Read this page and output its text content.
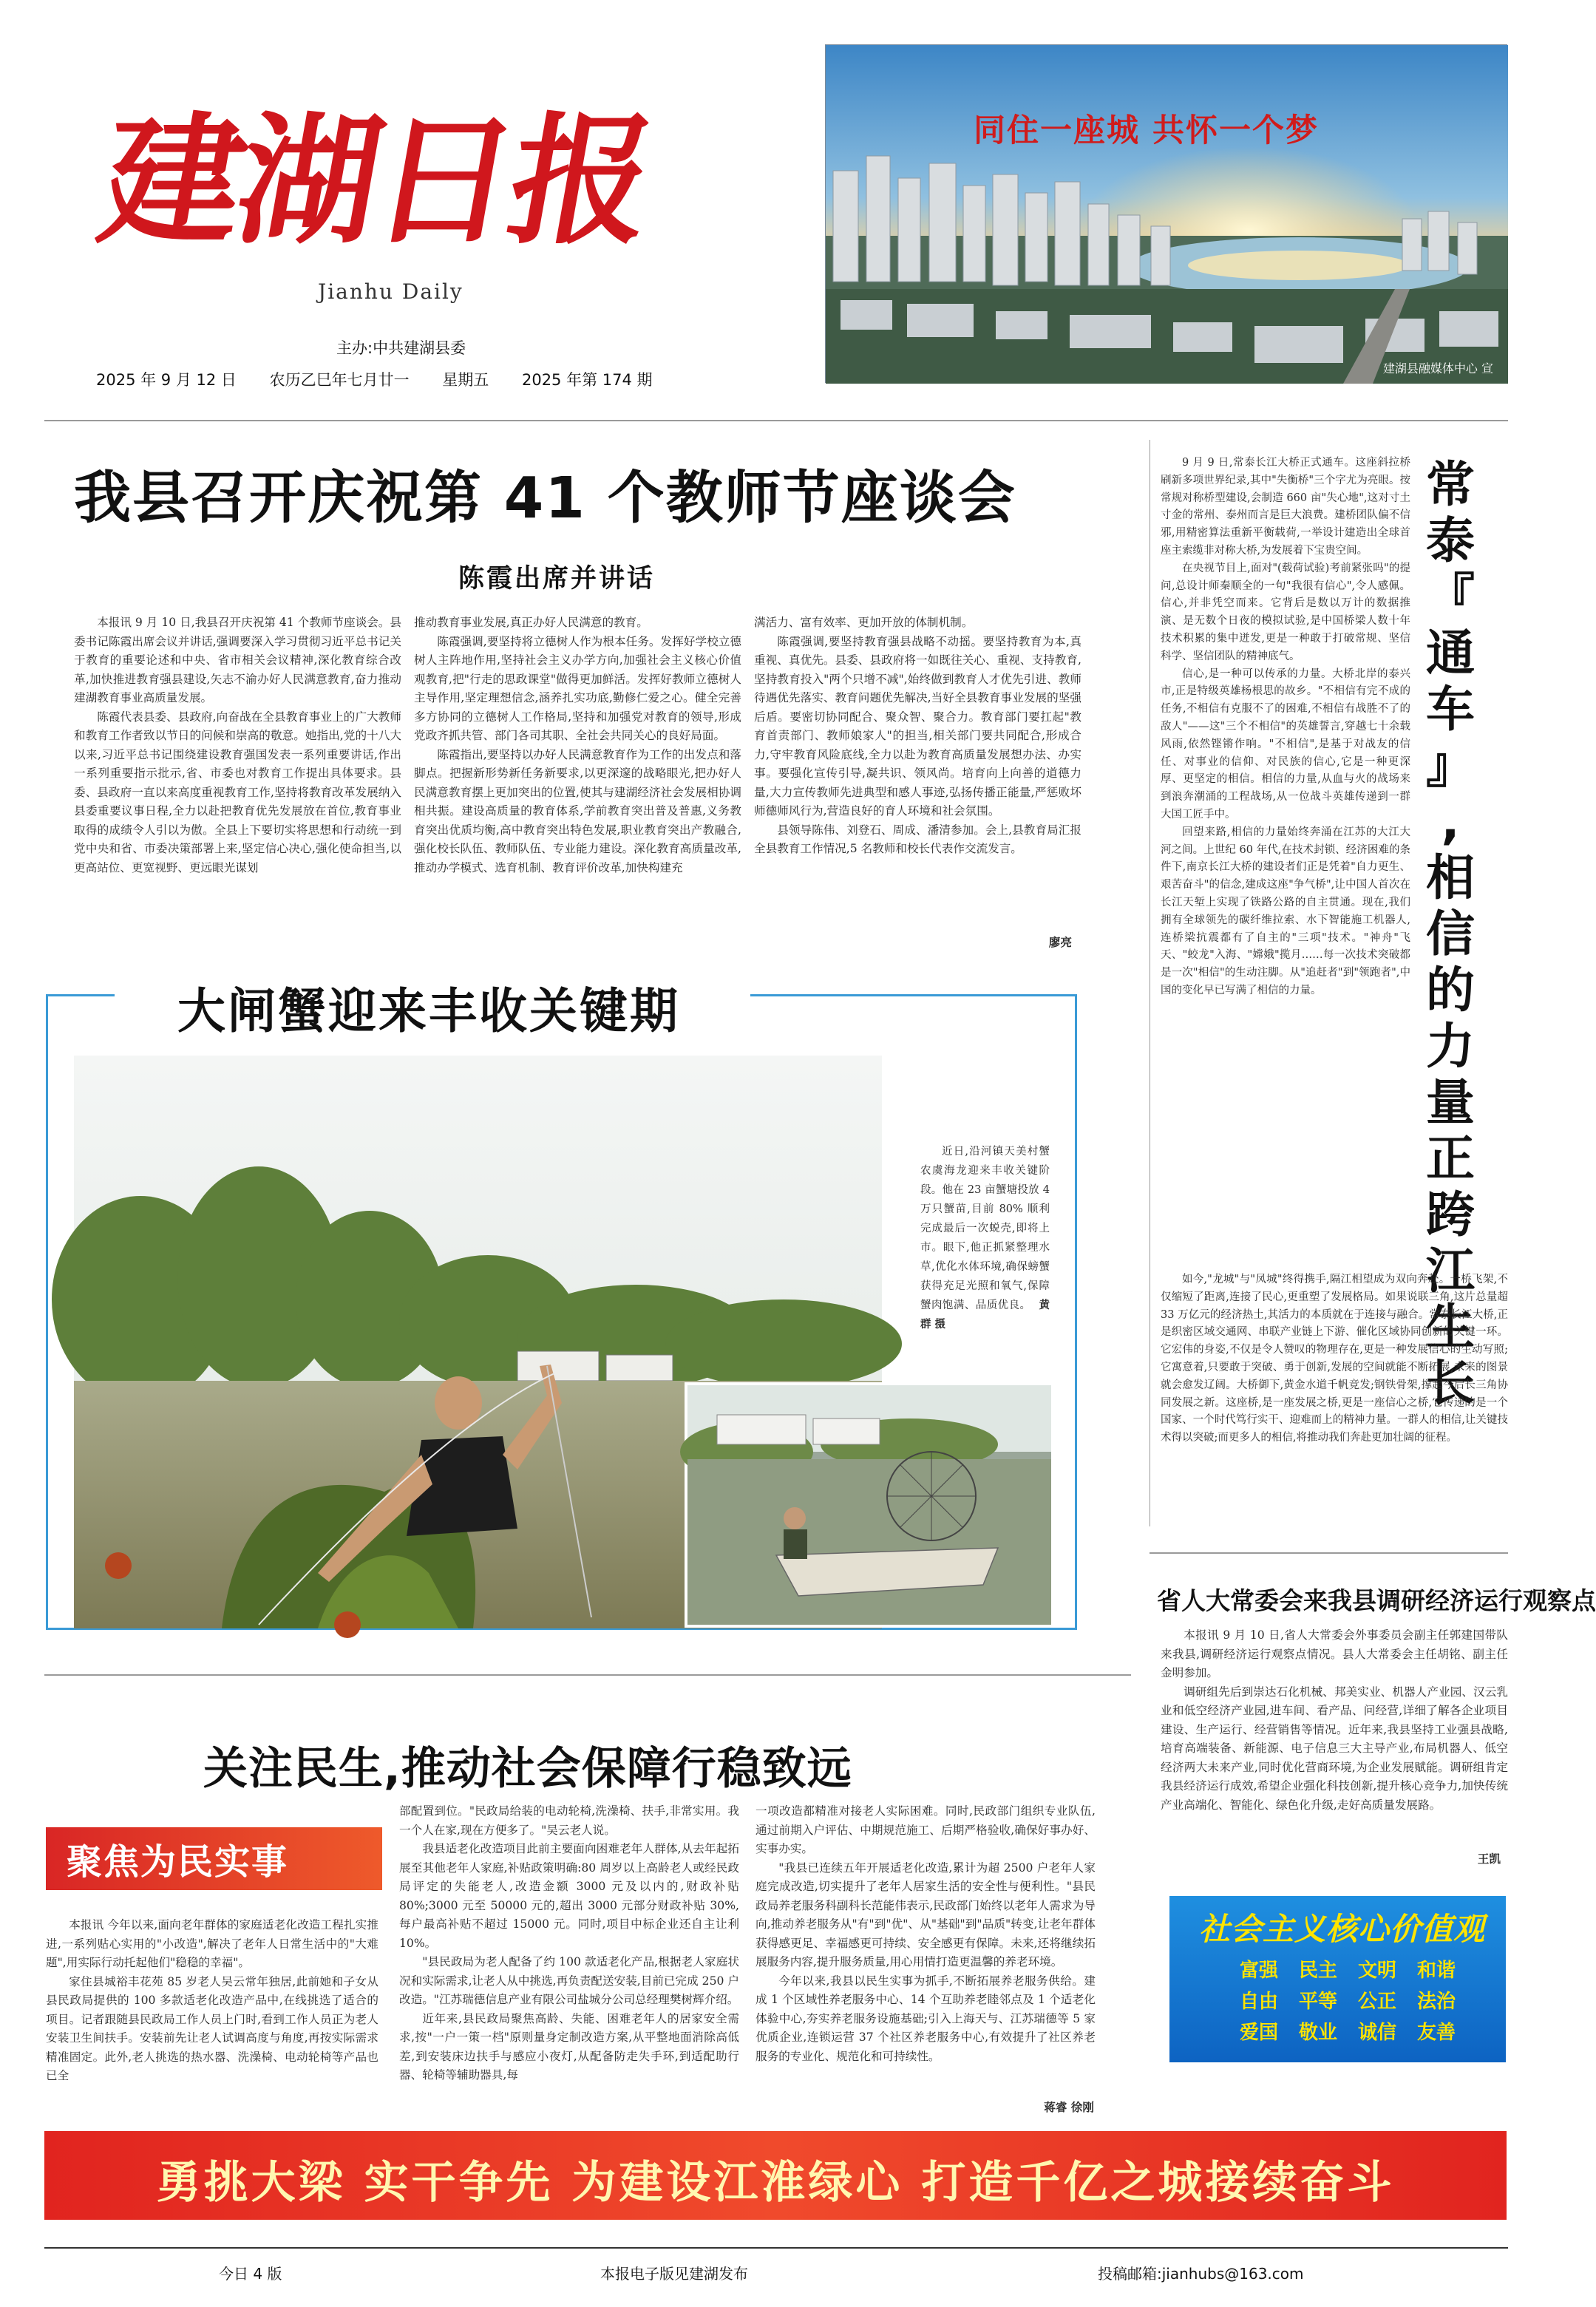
建湖日报
Jianhu Daily
主办:中共建湖县委
2025 年 9 月 12 日 农历乙巳年七月廿一 星期五 2025 年第 174 期
同住一座城 共怀一个梦
建湖县融媒体中心 宣
我县召开庆祝第 41 个教师节座谈会
陈霞出席并讲话

本报讯 9 月 10 日,我县召开庆祝第 41 个教师节座谈会。县委书记陈霞出席会议并讲话,强调要深入学习贯彻习近平总书记关于教育的重要论述和中央、省市相关会议精神,深化教育综合改革,加快推进教育强县建设,矢志不渝办好人民满意教育,奋力推动建湖教育事业高质量发展。

陈霞代表县委、县政府,向奋战在全县教育事业上的广大教师和教育工作者致以节日的问候和崇高的敬意。她指出,党的十八大以来,习近平总书记围绕建设教育强国发表一系列重要讲话,作出一系列重要指示批示,省、市委也对教育工作提出具体要求。县委、县政府一直以来高度重视教育工作,坚持将教育改革发展纳入县委重要议事日程,全力以赴把教育优先发展放在首位,教育事业取得的成绩令人引以为傲。全县上下要切实将思想和行动统一到党中央和省、市委决策部署上来,坚定信心决心,强化使命担当,以更高站位、更宽视野、更远眼光谋划

推动教育事业发展,真正办好人民满意的教育。

陈霞强调,要坚持将立德树人作为根本任务。发挥好学校立德树人主阵地作用,坚持社会主义办学方向,加强社会主义核心价值观教育,把"行走的思政课堂"做得更加鲜活。发挥好教师立德树人主导作用,坚定理想信念,涵养扎实功底,勤修仁爱之心。健全完善多方协同的立德树人工作格局,坚持和加强党对教育的领导,形成党政齐抓共管、部门各司其职、全社会共同关心的良好局面。

陈霞指出,要坚持以办好人民满意教育作为工作的出发点和落脚点。把握新形势新任务新要求,以更深邃的战略眼光,把办好人民满意教育摆上更加突出的位置,使其与建湖经济社会发展相协调相共振。建设高质量的教育体系,学前教育突出普及普惠,义务教育突出优质均衡,高中教育突出特色发展,职业教育突出产教融合,强化校长队伍、教师队伍、专业能力建设。深化教育高质量改革,推动办学模式、选育机制、教育评价改革,加快构建充

满活力、富有效率、更加开放的体制机制。

陈霞强调,要坚持教育强县战略不动摇。要坚持教育为本,真重视、真优先。县委、县政府将一如既往关心、重视、支持教育,坚持教育投入"两个只增不减",始终做到教育人才优先引进、教师待遇优先落实、教育问题优先解决,当好全县教育事业发展的坚强后盾。要密切协同配合、聚众智、聚合力。教育部门要扛起"教育首责部门、教师娘家人"的担当,相关部门要共同配合,形成合力,守牢教育风险底线,全力以赴为教育高质量发展想办法、办实事。要强化宣传引导,凝共识、领风尚。培育向上向善的道德力量,大力宣传教师先进典型和感人事迹,弘扬传播正能量,严惩败坏师德师风行为,营造良好的育人环境和社会氛围。

县领导陈伟、刘登石、周成、潘清参加。会上,县教育局汇报全县教育工作情况,5 名教师和校长代表作交流发言。

廖亮
大闸蟹迎来丰收关键期
近日,沿河镇天美村蟹农虞海龙迎来丰收关键阶段。他在 23 亩蟹塘投放 4 万只蟹苗,目前 80% 顺利完成最后一次蜕壳,即将上市。眼下,他正抓紧整理水草,优化水体环境,确保螃蟹获得充足光照和氧气,保障蟹肉饱满、品质优良。 黄群 摄
关注民生,推动社会保障行稳致远
聚焦为民实事

本报讯 今年以来,面向老年群体的家庭适老化改造工程扎实推进,一系列贴心实用的"小改造",解决了老年人日常生活中的"大难题",用实际行动托起他们"稳稳的幸福"。

家住县城裕丰花苑 85 岁老人吴云常年独居,此前她和子女从县民政局提供的 100 多款适老化改造产品中,在线挑选了适合的项目。记者跟随县民政局工作人员上门时,看到工作人员正为老人安装卫生间扶手。安装前先让老人试调高度与角度,再按实际需求精准固定。此外,老人挑选的热水器、洗澡椅、电动轮椅等产品也已全

部配置到位。"民政局给装的电动轮椅,洗澡椅、扶手,非常实用。我一个人在家,现在方便多了。"吴云老人说。

我县适老化改造项目此前主要面向困难老年人群体,从去年起拓展至其他老年人家庭,补贴政策明确:80 周岁以上高龄老人或经民政局评定的失能老人,改造金额 3000 元及以内的,财政补贴 80%;3000 元至 50000 元的,超出 3000 元部分财政补贴 30%,每户最高补贴不超过 15000 元。同时,项目中标企业还自主让利 10%。

"县民政局为老人配备了约 100 款适老化产品,根据老人家庭状况和实际需求,让老人从中挑选,再负责配送安装,目前已完成 250 户改造。"江苏瑞德信息产业有限公司盐城分公司总经理樊树辉介绍。

近年来,县民政局聚焦高龄、失能、困难老年人的居家安全需求,按"一户一策一档"原则量身定制改造方案,从平整地面消除高低差,到安装床边扶手与感应小夜灯,从配备防走失手环,到适配助行器、轮椅等辅助器具,每

一项改造都精准对接老人实际困难。同时,民政部门组织专业队伍,通过前期入户评估、中期规范施工、后期严格验收,确保好事办好、实事办实。

"我县已连续五年开展适老化改造,累计为超 2500 户老年人家庭完成改造,切实提升了老年人居家生活的安全性与便利性。"县民政局养老服务科副科长范能伟表示,民政部门始终以老年人需求为导向,推动养老服务从"有"到"优"、从"基础"到"品质"转变,让老年群体获得感更足、幸福感更可持续、安全感更有保障。未来,还将继续拓展服务内容,提升服务质量,用心用情打造更温馨的养老环境。

今年以来,我县以民生实事为抓手,不断拓展养老服务供给。建成 1 个区域性养老服务中心、14 个互助养老睦邻点及 1 个适老化体验中心,夯实养老服务设施基础;引入上海天与、江苏瑞德等 5 家优质企业,连锁运营 37 个社区养老服务中心,有效提升了社区养老服务的专业化、规范化和可持续性。

蒋睿 徐刚

9 月 9 日,常泰长江大桥正式通车。这座斜拉桥刷新多项世界纪录,其中"失衡桥"三个字尤为亮眼。按常规对称桥型建设,会制造 660 亩"失心地",这对寸土寸金的常州、泰州而言是巨大浪费。建桥团队偏不信邪,用精密算法重新平衡载荷,一举设计建造出全球首座主索缆非对称大桥,为发展着下宝贵空间。

在央视节目上,面对"(载荷试验)考前紧张吗"的提问,总设计师秦顺全的一句"我很有信心",令人感佩。信心,并非凭空而来。它背后是数以万计的数据推演、是无数个日夜的模拟试验,是中国桥梁人数十年技术积累的集中迸发,更是一种敢于打破常规、坚信科学、坚信团队的精神底气。

信心,是一种可以传承的力量。大桥北岸的泰兴市,正是特级英雄杨根思的故乡。"不相信有完不成的任务,不相信有克服不了的困难,不相信有战胜不了的敌人"——这"三个不相信"的英雄誓言,穿越七十余载风雨,依然铿锵作响。"不相信",是基于对战友的信任、对事业的信仰、对民族的信心,它是一种更深厚、更坚定的相信。相信的力量,从血与火的战场来到浪奔潮涌的工程战场,从一位战斗英雄传递到一群大国工匠手中。

回望来路,相信的力量始终奔涌在江苏的大江大河之间。上世纪 60 年代,在技术封锁、经济困难的条件下,南京长江大桥的建设者们正是凭着"自力更生、艰苦奋斗"的信念,建成这座"争气桥",让中国人首次在长江天堑上实现了铁路公路的自主贯通。现在,我们拥有全球领先的碳纤维拉索、水下智能施工机器人,连桥梁抗震都有了自主的"三项"技术。"神舟"飞天、"蛟龙"入海、"嫦娥"揽月……每一次技术突破都是一次"相信"的生动注脚。从"追赶者"到"领跑者",中国的变化早已写满了相信的力量。

常
泰
『
通
车
』
,
相
信
的
力
量
正
跨
江
生
长

如今,"龙城"与"凤城"终得携手,隔江相望成为双向奔赴。一桥飞架,不仅缩短了距离,连接了民心,更重塑了发展格局。如果说联三角,这片总量超 33 万亿元的经济热土,其活力的本质就在于连接与融合。常泰长江大桥,正是织密区域交通网、串联产业链上下游、催化区域协同创新的关键一环。它宏伟的身姿,不仅是令人赞叹的物理存在,更是一种发展信心的生动写照;它寓意着,只要敢于突破、勇于创新,发展的空间就能不断拓展,未来的图景就会愈发辽阔。大桥御下,黄金水道千帆竞发;钢铁骨架,撑起今后长三角协同发展之新。这座桥,是一座发展之桥,更是一座信心之桥,它传递的是一个国家、一个时代笃行实干、迎难而上的精神力量。一群人的相信,让关键技术得以突破;而更多人的相信,将推动我们奔赴更加壮阔的征程。

省人大常委会来我县调研经济运行观察点

本报讯 9 月 10 日,省人大常委会外事委员会副主任郭建国带队来我县,调研经济运行观察点情况。县人大常委会主任胡铭、副主任金明参加。

调研组先后到崇达石化机械、邦美实业、机器人产业园、汉云乳业和低空经济产业园,进车间、看产品、问经营,详细了解各企业项目建设、生产运行、经营销售等情况。近年来,我县坚持工业强县战略,培育高端装备、新能源、电子信息三大主导产业,布局机器人、低空经济两大未来产业,同时优化营商环境,为企业发展赋能。调研组肯定我县经济运行成效,希望企业强化科技创新,提升核心竞争力,加快传统产业高端化、智能化、绿色化升级,走好高质量发展路。

王凯
社会主义核心价值观
富强 民主 文明 和谐
自由 平等 公正 法治
爱国 敬业 诚信 友善
勇挑大梁 实干争先 为建设江淮绿心 打造千亿之城接续奋斗
今日 4 版	本报电子版见建湖发布	投稿邮箱:jianhubs@163.com
